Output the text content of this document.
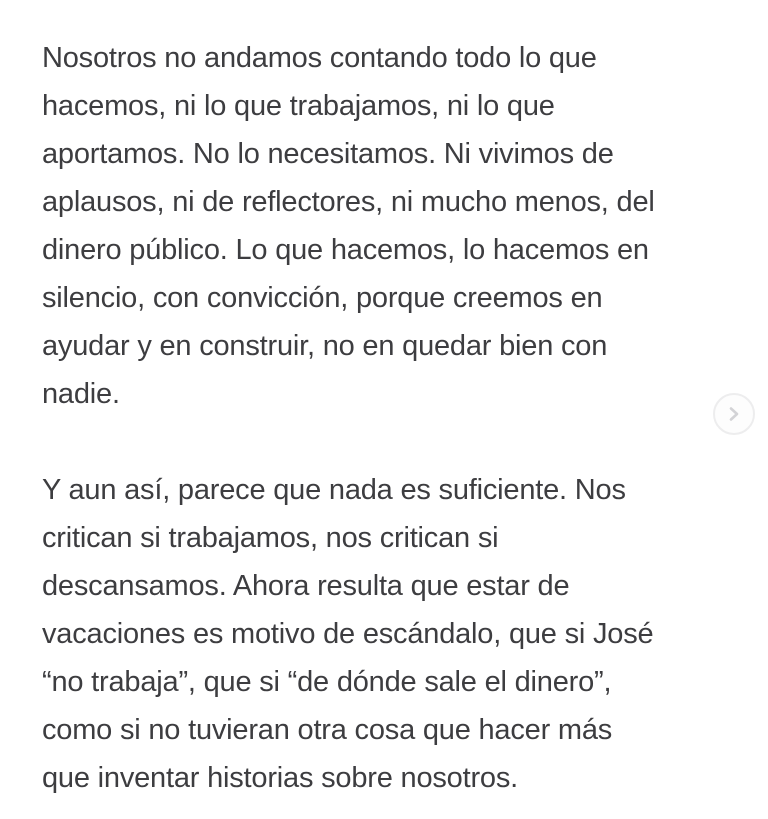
Nosotros no andamos contando todo lo que
hacemos, ni lo que trabajamos, ni lo que
aportamos. No lo necesitamos. Ni vivimos de
aplausos, ni de reflectores, ni mucho menos, del
dinero público. Lo que hacemos, lo hacemos en
silencio, con convicción, porque creemos en
ayudar y en construir, no en quedar bien con
nadie.

Y aun así, parece que nada es suficiente. Nos
critican si trabajamos, nos critican si
descansamos. Ahora resulta que estar de
vacaciones es motivo de escándalo, que si José
“no trabaja”, que si “de dónde sale el dinero”,
como si no tuvieran otra cosa que hacer más
que inventar historias sobre nosotros.
